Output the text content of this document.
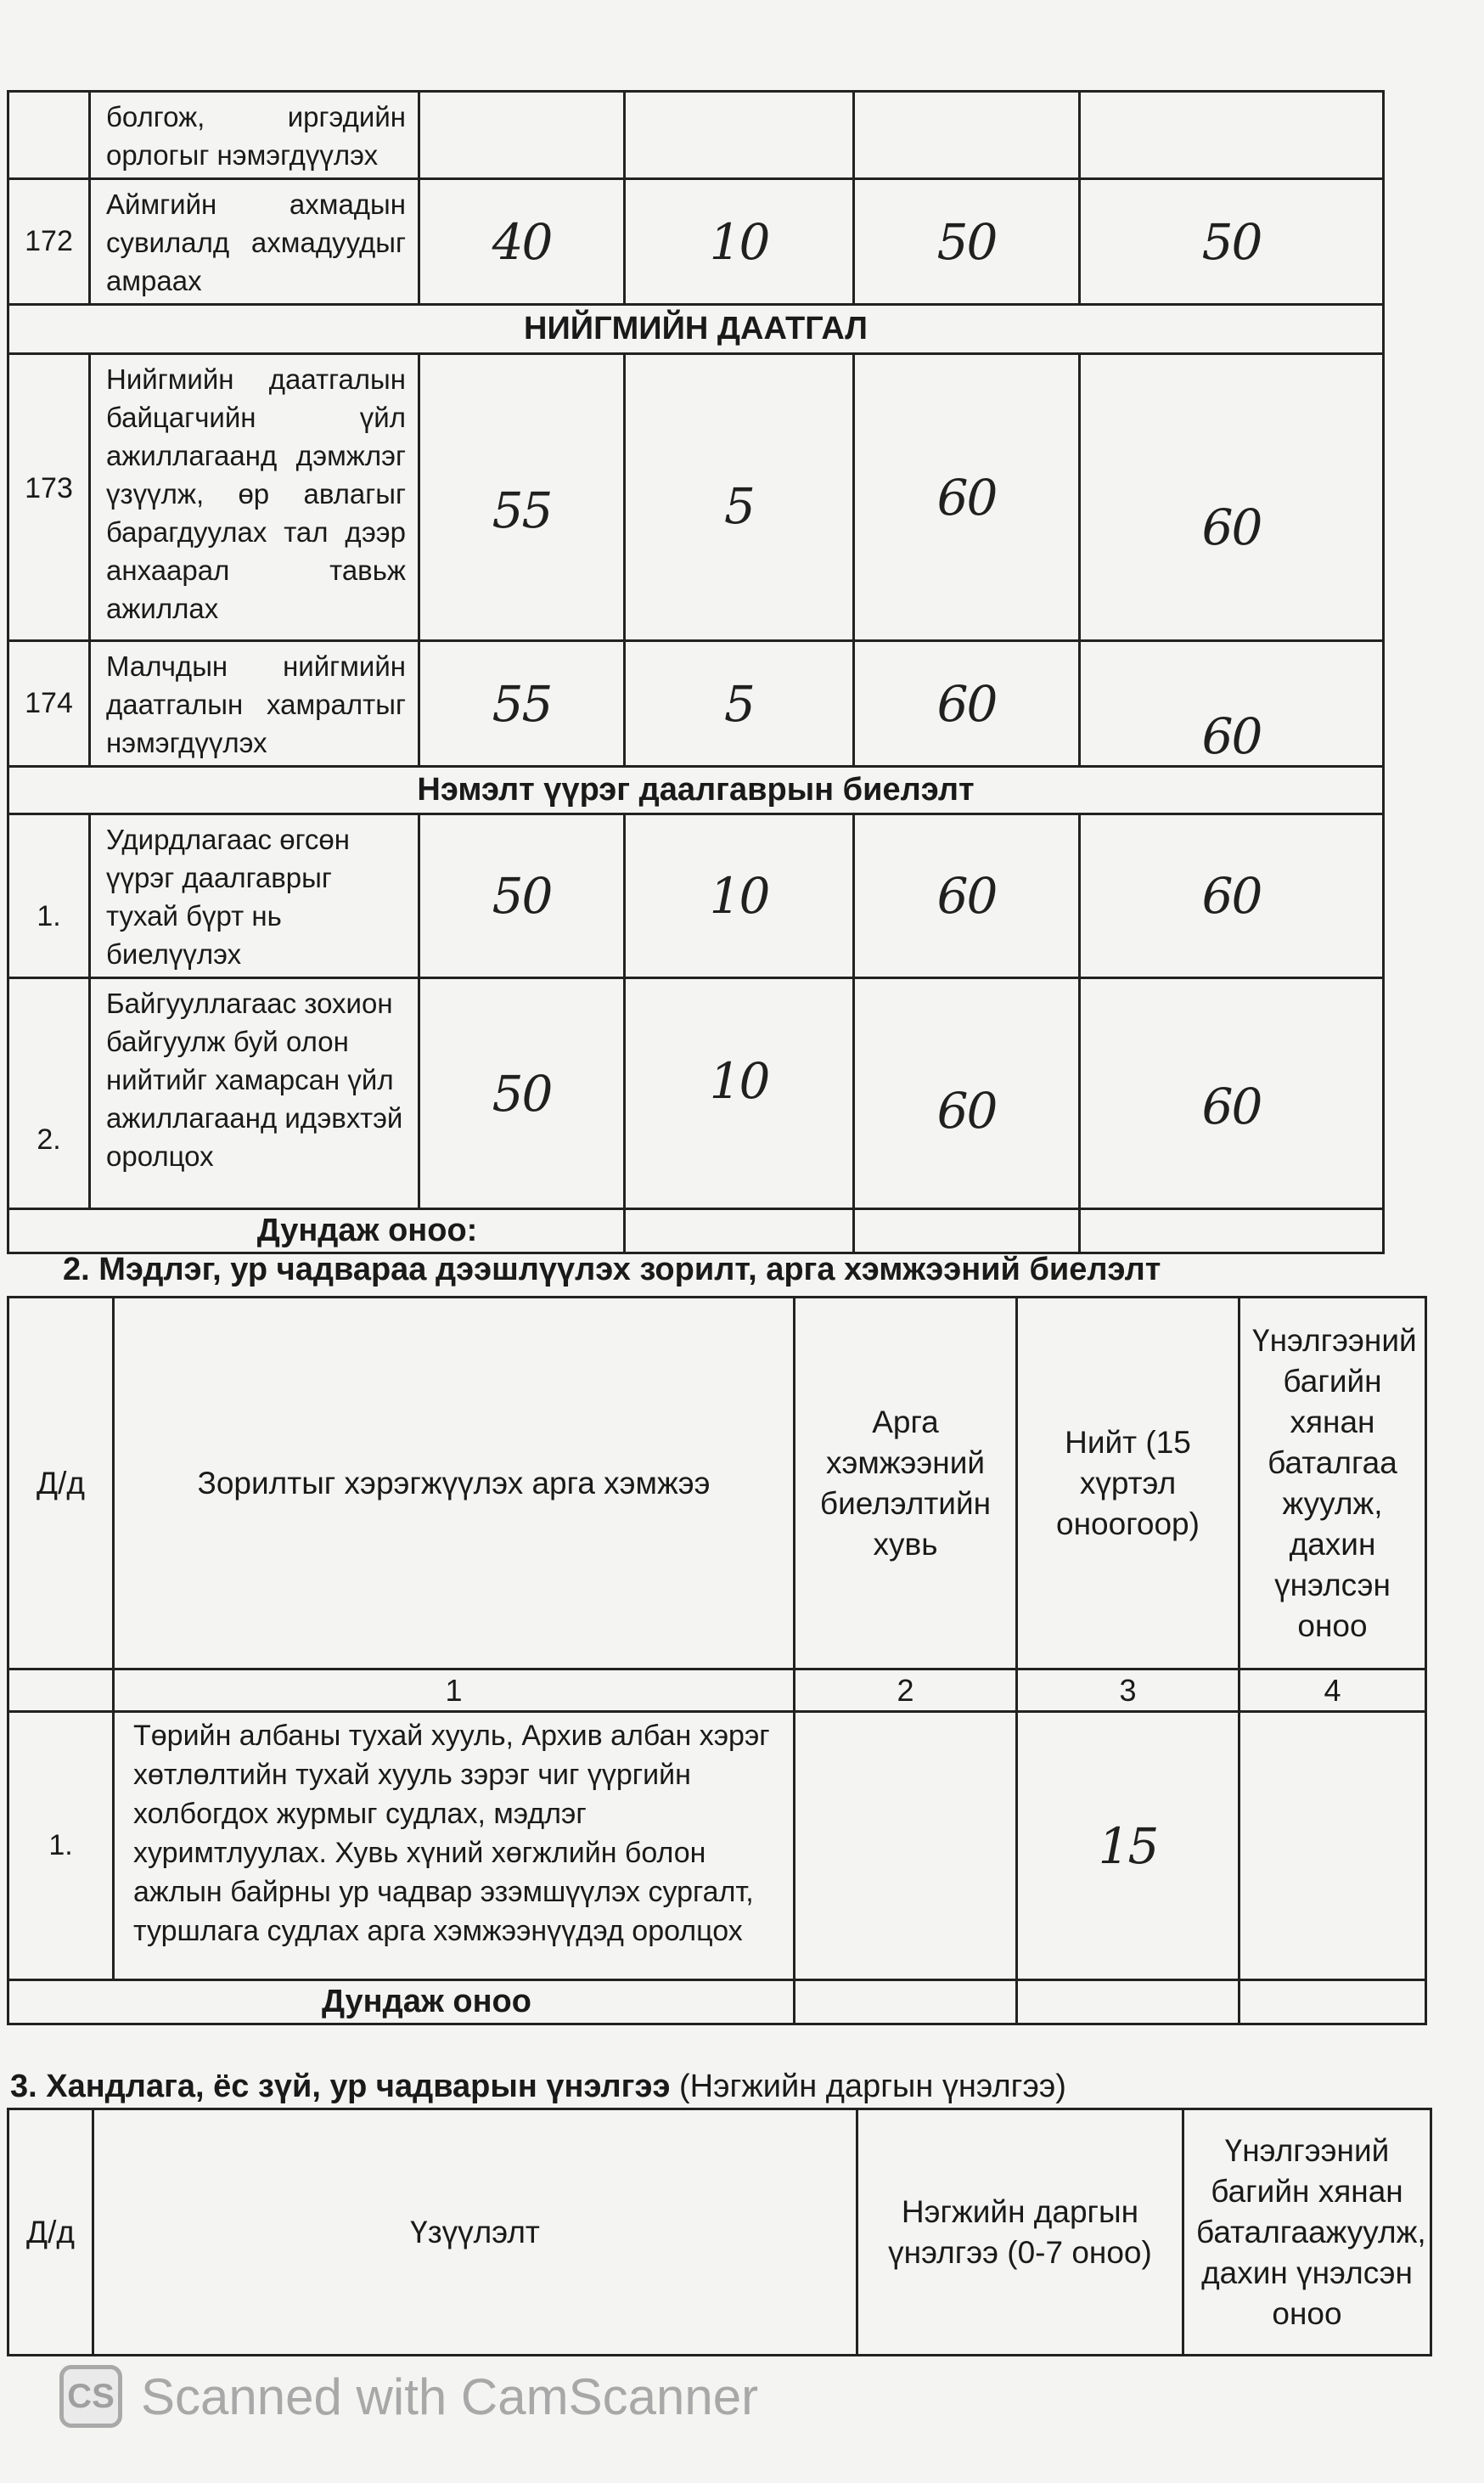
	болгож, иргэдийн орлогыг нэмэгдүүлэх				
172	Аймгийн ахмадын сувилалд ахмадуудыг амраах	40	10	50	50
НИЙГМИЙН ДААТГАЛ					
173	Нийгмийн даатгалын байцагчийн үйл ажиллагаанд дэмжлэг үзүүлж, өр авлагыг барагдуулах тал дээр анхаарал тавьж ажиллах	55	5	60	60
174	Малчдын нийгмийн даатгалын хамралтыг нэмэгдүүлэх	55	5	60	60
Нэмэлт үүрэг даалгаврын биелэлт					
1.	Удирдлагаас өгсөн үүрэг даалгаврыг тухай бүрт нь биелүүлэх	50	10	60	60
2.	Байгууллагаас зохион байгуулж буй олон нийтийг хамарсан үйл ажиллагаанд идэвхтэй оролцох	50	10	60	60
Дундаж оноо:					
2. Мэдлэг, ур чадвараа дээшлүүлэх зорилт, арга хэмжээний биелэлт
Д/д	Зорилтыг хэрэгжүүлэх арга хэмжээ	Арга хэмжээний биелэлтийн хувь	Нийт (15 хүртэл оноогоор)	Үнэлгээний багийн хянан баталгаа жуулж, дахин үнэлсэн оноо
	1	2	3	4
1.	Төрийн албаны тухай хууль, Архив албан хэрэг хөтлөлтийн тухай хууль зэрэг чиг үүргийн холбогдох журмыг судлах, мэдлэг хуримтлуулах. Хувь хүний хөгжлийн болон ажлын байрны ур чадвар эзэмшүүлэх сургалт, туршлага судлах арга хэмжээнүүдэд оролцох		15	
Дундаж оноо				
3. Хандлага, ёс зүй, ур чадварын үнэлгээ (Нэгжийн даргын үнэлгээ)
Д/д	Үзүүлэлт	Нэгжийн даргын үнэлгээ (0-7 оноо)	Үнэлгээний багийн хянан баталгаажуулж, дахин үнэлсэн оноо
CS Scanned with CamScanner
